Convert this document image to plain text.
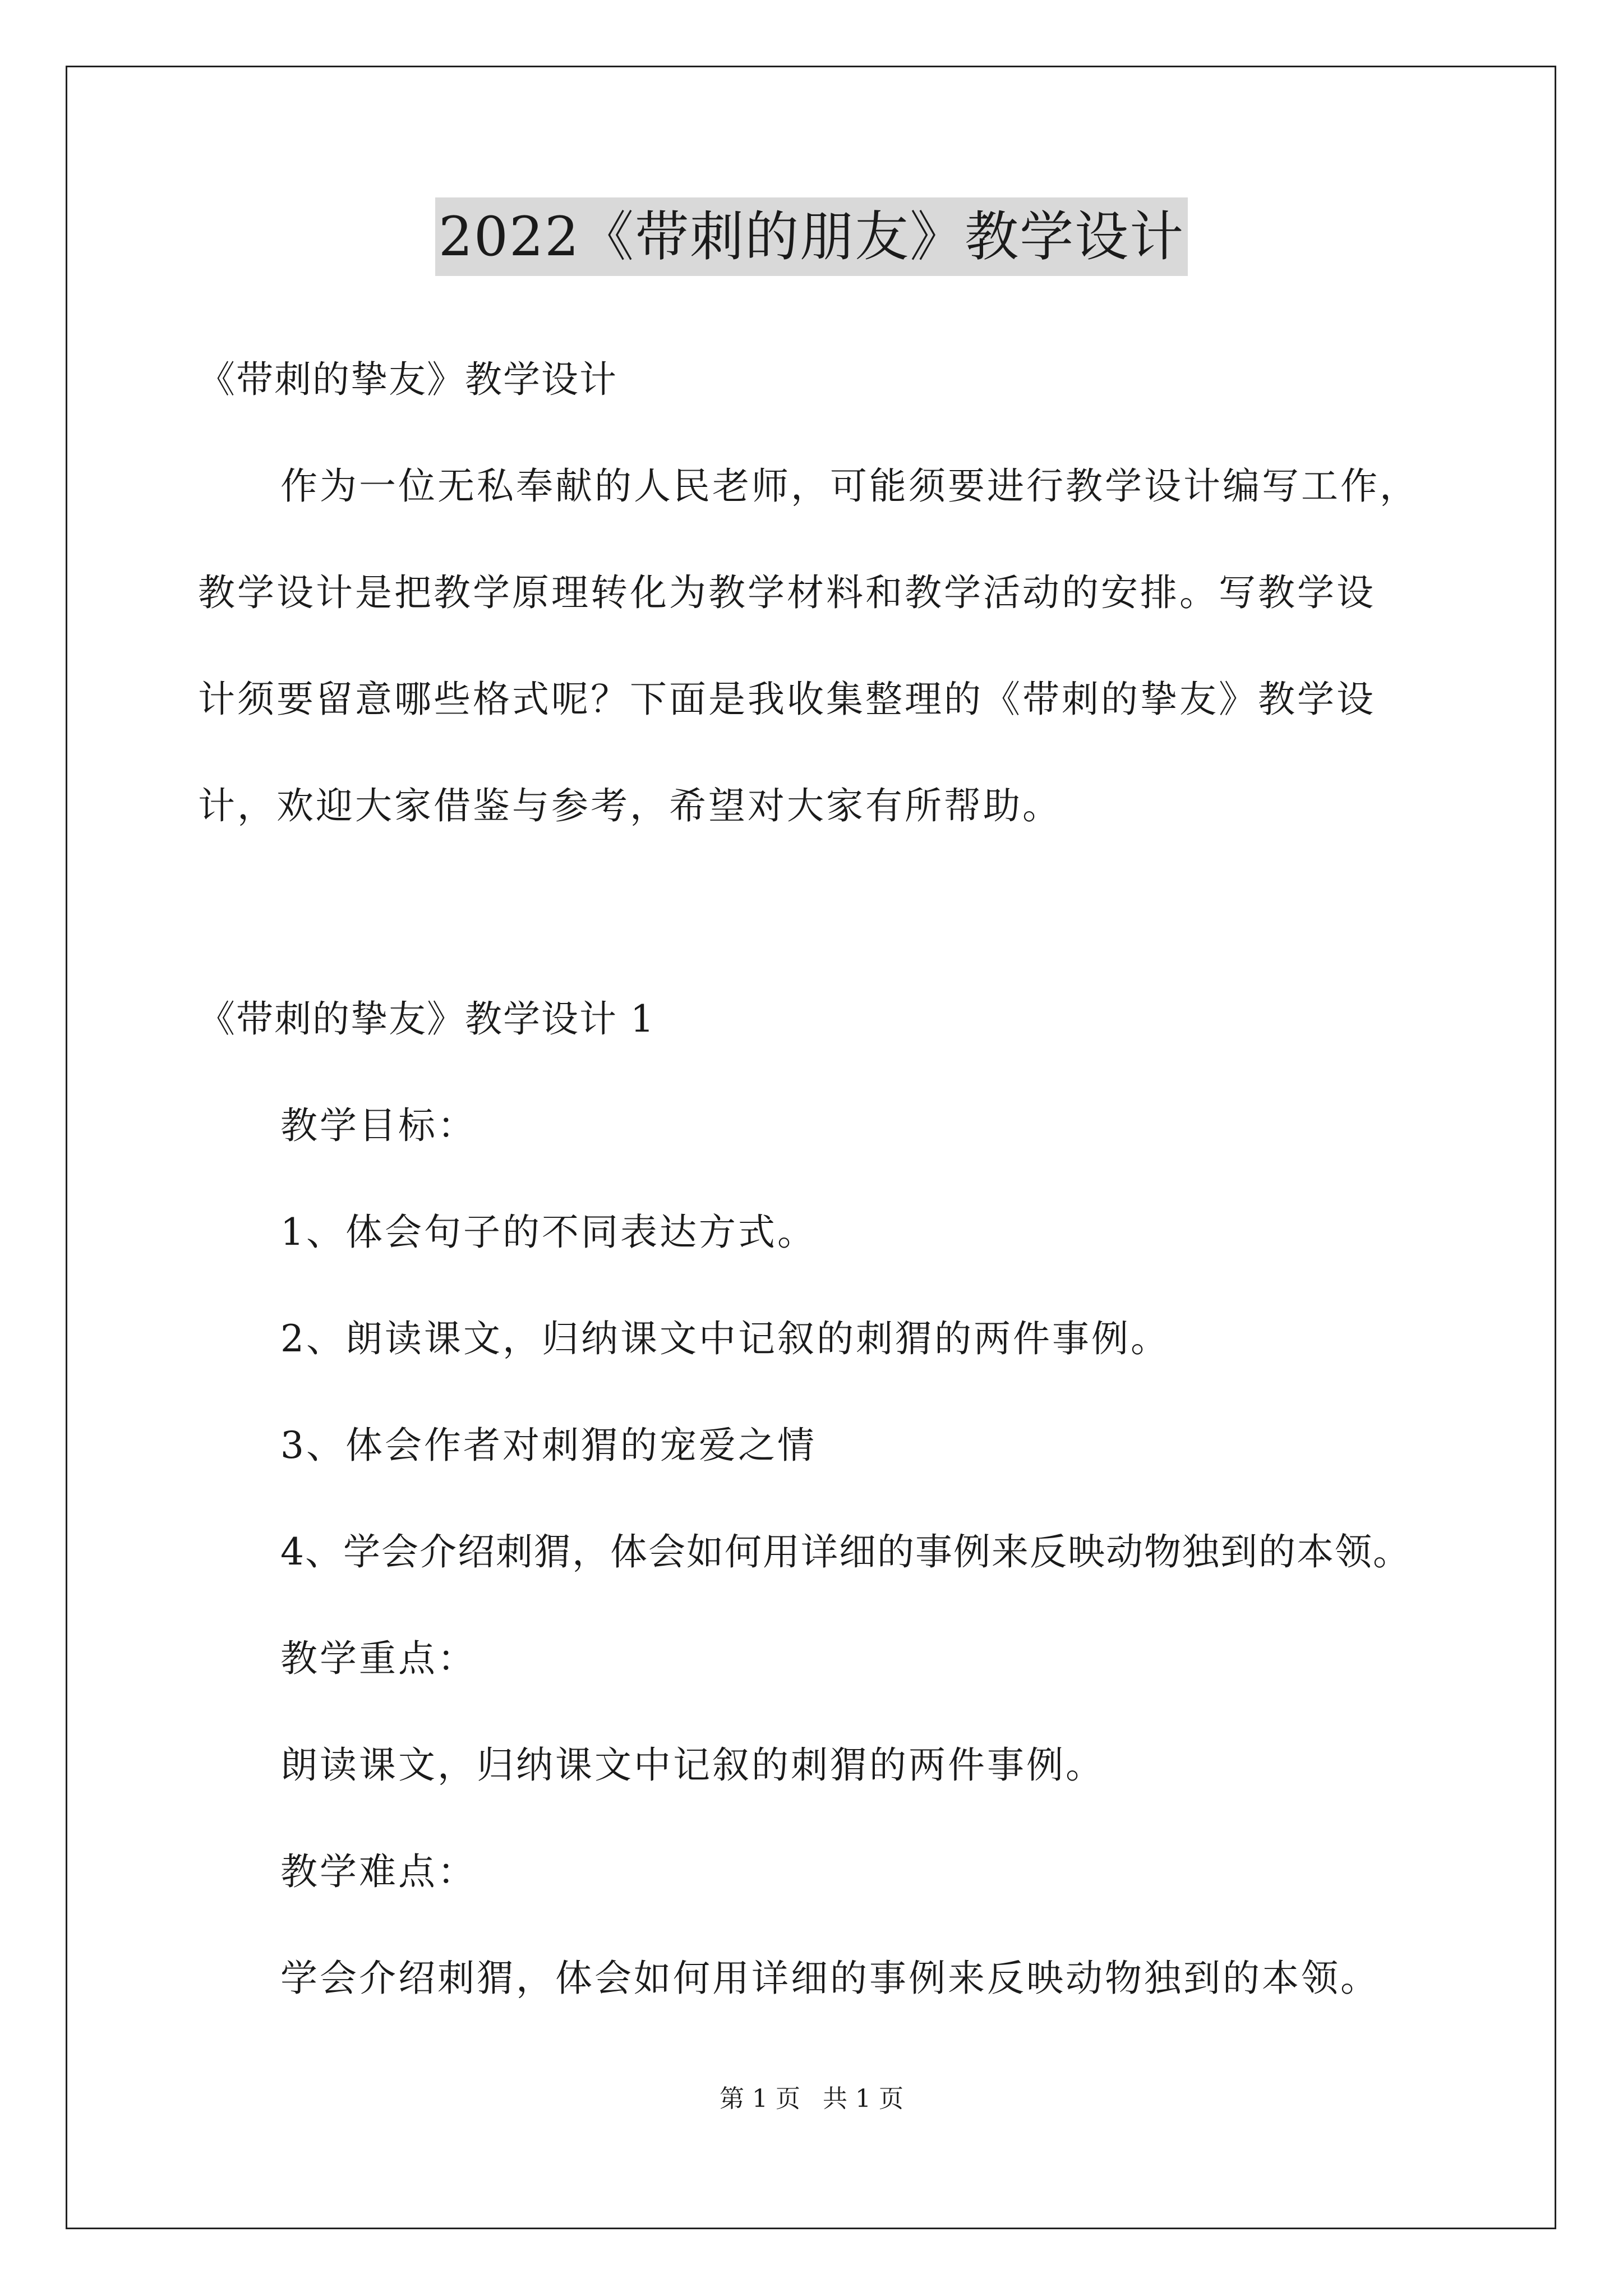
2022《带刺的朋友》教学设计
《带刺的挚友》教学设计
作为一位无私奉献的人民老师，可能须要进行教学设计编写工作，
教学设计是把教学原理转化为教学材料和教学活动的安排。写教学设
计须要留意哪些格式呢？下面是我收集整理的《带刺的挚友》教学设
计，欢迎大家借鉴与参考，希望对大家有所帮助。
《带刺的挚友》教学设计 1
教学目标：
1、体会句子的不同表达方式。
2、朗读课文，归纳课文中记叙的刺猬的两件事例。
3、体会作者对刺猬的宠爱之情
4、学会介绍刺猬，体会如何用详细的事例来反映动物独到的本领。
教学重点：
朗读课文，归纳课文中记叙的刺猬的两件事例。
教学难点：
学会介绍刺猬，体会如何用详细的事例来反映动物独到的本领。
第 1 页 共 1 页
